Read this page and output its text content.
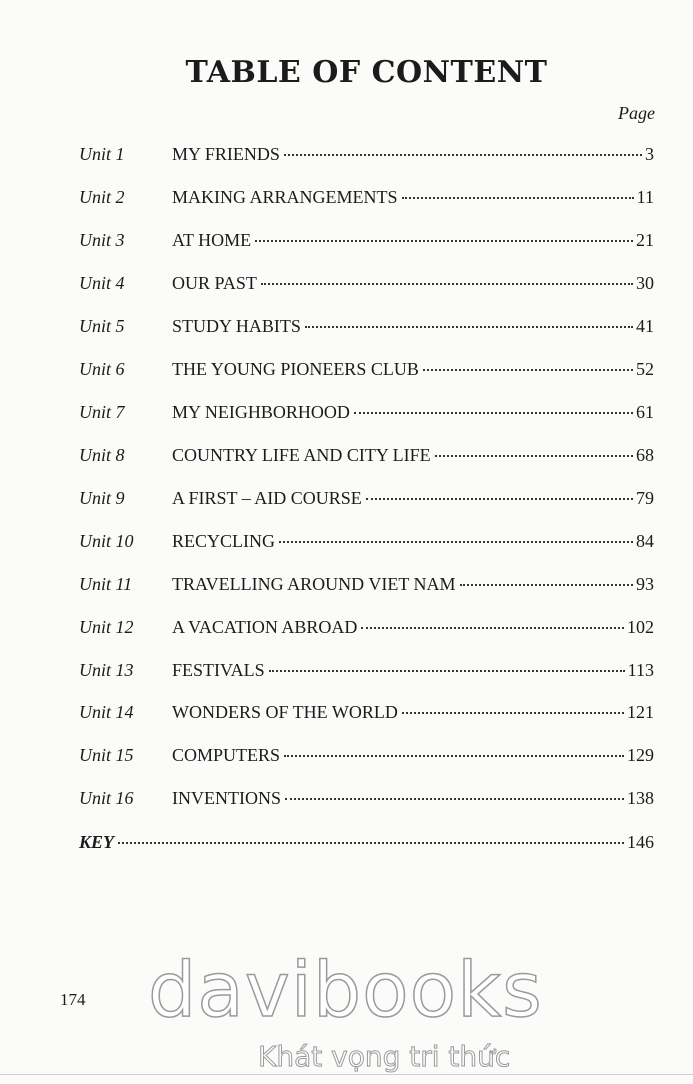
TABLE OF CONTENT
Page
Unit 1	MY FRIENDS	3
Unit 2	MAKING ARRANGEMENTS	11
Unit 3	AT HOME	21
Unit 4	OUR PAST	30
Unit 5	STUDY HABITS	41
Unit 6	THE YOUNG PIONEERS CLUB	52
Unit 7	MY NEIGHBORHOOD	61
Unit 8	COUNTRY LIFE AND CITY LIFE	68
Unit 9	A FIRST – AID COURSE	79
Unit 10	RECYCLING	84
Unit 11	TRAVELLING AROUND VIET NAM	93
Unit 12	A VACATION ABROAD	102
Unit 13	FESTIVALS	113
Unit 14	WONDERS OF THE WORLD	121
Unit 15	COMPUTERS	129
Unit 16	INVENTIONS	138
KEY	146
174 davibooks
Khát vọng tri thức
